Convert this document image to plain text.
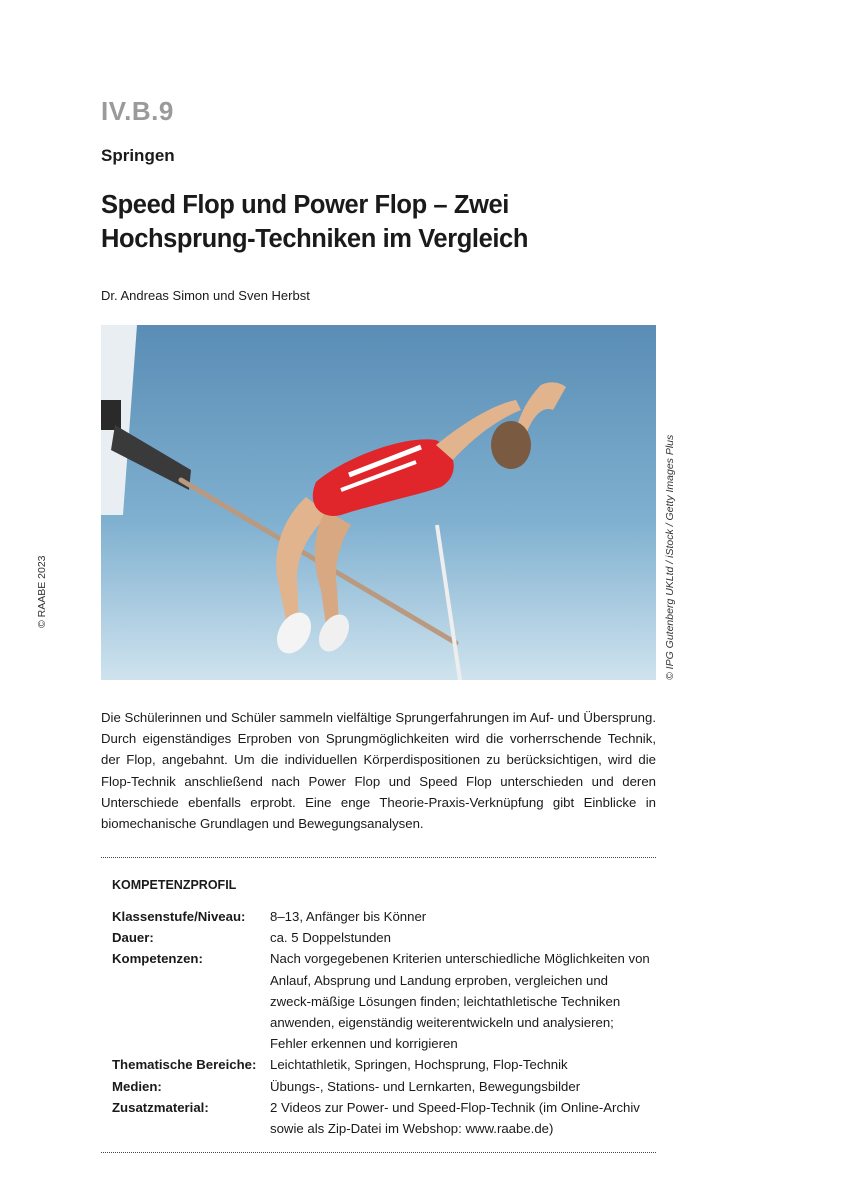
IV.B.9
Springen
Speed Flop und Power Flop – Zwei Hochsprung-Techniken im Vergleich
Dr. Andreas Simon und Sven Herbst
© IPG Gutenberg UKLtd / iStock / Getty Images Plus
© RAABE 2023
Die Schülerinnen und Schüler sammeln vielfältige Sprungerfahrungen im Auf- und Übersprung. Durch eigenständiges Erproben von Sprungmöglichkeiten wird die vorherrschende Technik, der Flop, angebahnt. Um die individuellen Körperdispositionen zu berücksichtigen, wird die Flop-Technik anschließend nach Power Flop und Speed Flop unterschieden und deren Unterschiede ebenfalls erprobt. Eine enge Theorie-Praxis-Verknüpfung gibt Einblicke in biomechanische Grundlagen und Bewegungsanalysen.
KOMPETENZPROFIL
Klassenstufe/Niveau:	8–13, Anfänger bis Könner
Dauer:	ca. 5 Doppelstunden
Kompetenzen:	Nach vorgegebenen Kriterien unterschiedliche Möglichkeiten von Anlauf, Absprung und Landung erproben, vergleichen und zweck-mäßige Lösungen finden; leichtathletische Techniken anwenden, eigenständig weiterentwickeln und analysieren; Fehler erkennen und korrigieren
Thematische Bereiche:	Leichtathletik, Springen, Hochsprung, Flop-Technik
Medien:	Übungs-, Stations- und Lernkarten, Bewegungsbilder
Zusatzmaterial:	2 Videos zur Power- und Speed-Flop-Technik (im Online-Archiv sowie als Zip-Datei im Webshop: www.raabe.de)
